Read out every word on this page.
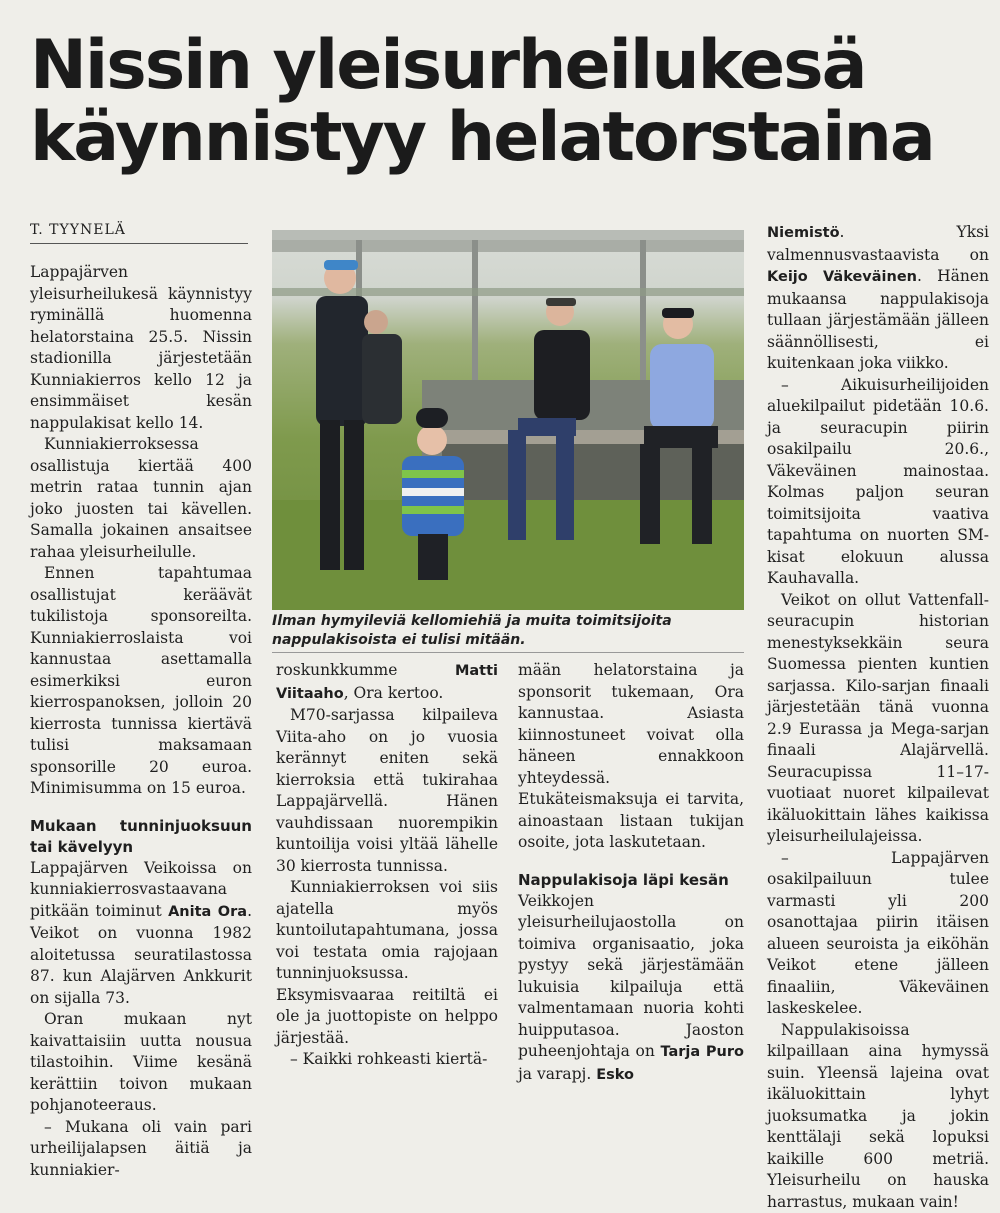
Nissin yleisurheilukesä
käynnistyy helatorstaina
T. TYYNELÄ

Lappajärven yleisurheilukesä käynnistyy ryminällä huomenna helatorstaina 25.5. Nissin stadionilla järjestetään Kunniakierros kello 12 ja ensimmäiset kesän nappulakisat kello 14.

Kunniakierroksessa osallistuja kiertää 400 metrin rataa tunnin ajan joko juosten tai kävellen. Samalla jokainen ansaitsee rahaa yleisurheilulle.

Ennen tapahtumaa osallistujat keräävät tukilistoja sponsoreilta. Kunniakierroslaista voi kannustaa asettamalla esimerkiksi euron kierrospanoksen, jolloin 20 kierrosta tunnissa kiertävä tulisi maksamaan sponsorille 20 euroa. Minimisumma on 15 euroa.

Mukaan tunninjuoksuun tai kävelyyn

Lappajärven Veikoissa on kunniakierrosvastaavana pitkään toiminut Anita Ora. Veikot on vuonna 1982 aloitetussa seuratilastossa 87. kun Alajärven Ankkurit on sijalla 73.

Oran mukaan nyt kaivattaisiin uutta nousua tilastoihin. Viime kesänä kerättiin toivon mukaan pohjanoteeraus.

– Mukana oli vain pari urheilijalapsen äitiä ja kunniakier-

Ilman hymyileviä kellomiehiä ja muita toimitsijoita nappulakisoista ei tulisi mitään.

roskunkkumme Matti Viitaaho, Ora kertoo.

M70-sarjassa kilpaileva Viita-aho on jo vuosia kerännyt eniten sekä kierroksia että tukirahaa Lappajärvellä. Hänen vauhdissaan nuorempikin kuntoilija voisi yltää lähelle 30 kierrosta tunnissa.

Kunniakierroksen voi siis ajatella myös kuntoilutapahtumana, jossa voi testata omia rajojaan tunninjuoksussa. Eksymisvaaraa reitiltä ei ole ja juottopiste on helppo järjestää.

– Kaikki rohkeasti kiertä-

mään helatorstaina ja sponsorit tukemaan, Ora kannustaa. Asiasta kiinnostuneet voivat olla häneen ennakkoon yhteydessä. Etukäteismaksuja ei tarvita, ainoastaan listaan tukijan osoite, jota laskutetaan.

Nappulakisoja läpi kesän

Veikkojen yleisurheilujaostolla on toimiva organisaatio, joka pystyy sekä järjestämään lukuisia kilpailuja että valmentamaan nuoria kohti huipputasoa. Jaoston puheenjohtaja on Tarja Puro ja varapj. Esko

Niemistö. Yksi valmennusvastaavista on Keijo Väkeväinen. Hänen mukaansa nappulakisoja tullaan järjestämään jälleen säännöllisesti, ei kuitenkaan joka viikko.

– Aikuisurheilijoiden aluekilpailut pidetään 10.6. ja seuracupin piirin osakilpailu 20.6., Väkeväinen mainostaa. Kolmas paljon seuran toimitsijoita vaativa tapahtuma on nuorten SM-kisat elokuun alussa Kauhavalla.

Veikot on ollut Vattenfall-seuracupin historian menestyksekkäin seura Suomessa pienten kuntien sarjassa. Kilo-sarjan finaali järjestetään tänä vuonna 2.9 Eurassa ja Mega-sarjan finaali Alajärvellä. Seuracupissa 11–17-vuotiaat nuoret kilpailevat ikäluokittain lähes kaikissa yleisurheilulajeissa.

– Lappajärven osakilpailuun tulee varmasti yli 200 osanottajaa piirin itäisen alueen seuroista ja eiköhän Veikot etene jälleen finaaliin, Väkeväinen laskeskelee.

Nappulakisoissa kilpaillaan aina hymyssä suin. Yleensä lajeina ovat ikäluokittain lyhyt juoksumatka ja jokin kenttälaji sekä lopuksi kaikille 600 metriä. Yleisurheilu on hauska harrastus, mukaan vain!
